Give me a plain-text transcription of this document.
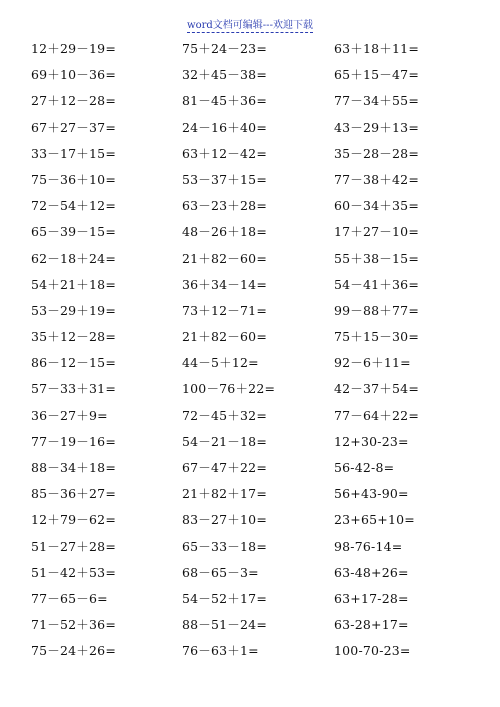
word文档可编辑---欢迎下载
12＋29－19=	75＋24－23=	63＋18＋11=
69＋10－36=	32＋45－38=	65＋15－47=
27＋12－28=	81－45＋36=	77－34＋55=
67＋27－37=	24－16＋40=	43－29＋13=
33－17＋15=	63＋12－42=	35－28－28=
75－36＋10=	53－37＋15=	77－38＋42=
72－54＋12=	63－23＋28=	60－34＋35=
65－39－15=	48－26＋18=	17＋27－10=
62－18＋24=	21＋82－60=	55＋38－15=
54＋21＋18=	36＋34－14=	54－41＋36=
53－29＋19=	73＋12－71=	99－88＋77=
35＋12－28=	21＋82－60=	75＋15－30=
86－12－15=	44－5＋12=	92－6＋11=
57－33＋31=	100－76＋22=	42－37＋54=
36－27＋9=	72－45＋32=	77－64＋22=
77－19－16=	54－21－18=	12+30-23=
88－34＋18=	67－47＋22=	56-42-8=
85－36＋27=	21＋82＋17=	56+43-90=
12＋79－62=	83－27＋10=	23+65+10=
51－27＋28=	65－33－18=	98-76-14=
51－42＋53=	68－65－3=	63-48+26=
77－65－6=	54－52＋17=	63+17-28=
71－52＋36=	88－51－24=	63-28+17=
75－24＋26=	76－63＋1=	100-70-23=
